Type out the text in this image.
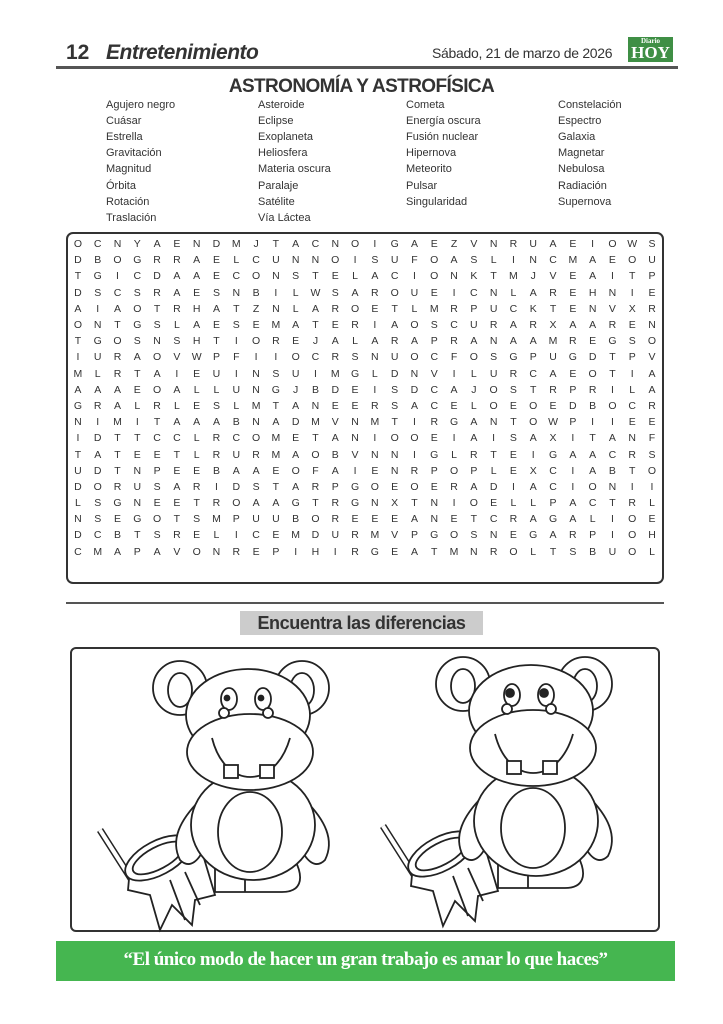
12 Entretenimiento	Sábado, 21 de marzo de 2026
Diario
HOY
ASTRONOMÍA Y ASTROFÍSICA
Agujero negro
Cuásar
Estrella
Gravitación
Magnitud
Órbita
Rotación
Traslación
Asteroide
Eclipse
Exoplaneta
Heliosfera
Materia oscura
Paralaje
Satélite
Vía Láctea
Cometa
Energía oscura
Fusión nuclear
Hipernova
Meteorito
Pulsar
Singularidad
Constelación
Espectro
Galaxia
Magnetar
Nebulosa
Radiación
Supernova
O	C	N	Y	A	E	N	D	M	J	T	A	C	N	O	I	G	A	E	Z	V	N	R	U	A	E	I	O	W	S
D	B	O	G	R	R	A	E	L	C	U	N	N	O	I	S	U	F	O	A	S	L	I	N	C	M	A	E	O	U
T	G	I	C	D	A	A	E	C	O	N	S	T	E	L	A	C	I	O	N	K	T	M	J	V	E	A	I	T	P
D	S	C	S	R	A	E	S	N	B	I	L	W	S	A	R	O	U	E	I	C	N	L	A	R	E	H	N	I	E
A	I	A	O	T	R	H	A	T	Z	N	L	A	R	O	E	T	L	M	R	P	U	C	K	T	E	N	V	X	R
O	N	T	G	S	L	A	E	S	E	M	A	T	E	R	I	A	O	S	C	U	R	A	R	X	A	A	R	E	N
T	G	O	S	N	S	H	T	I	O	R	E	J	A	L	A	R	A	P	R	A	N	A	A	M	R	E	G	S	O
I	U	R	A	O	V	W	P	F	I	I	O	C	R	S	N	U	O	C	F	O	S	G	P	U	G	D	T	P	V
M	L	R	T	A	I	E	U	I	N	S	U	I	M	G	L	D	N	V	I	L	U	R	C	A	E	O	T	I	A
A	A	A	E	O	A	L	L	U	N	G	J	B	D	E	I	S	D	C	A	J	O	S	T	R	P	R	I	L	A
G	R	A	L	R	L	E	S	L	M	T	A	N	E	E	R	S	A	C	E	L	O	E	O	E	D	B	O	C	R
N	I	M	I	T	A	A	A	B	N	A	D	M	V	N	M	T	I	R	G	A	N	T	O	W	P	I	I	E	E
I	D	T	T	C	C	L	R	C	O	M	E	T	A	N	I	O	O	E	I	A	I	S	A	X	I	T	A	N	F
T	A	T	E	E	T	L	R	U	R	M	A	O	B	V	N	N	I	G	L	R	T	E	I	G	A	A	C	R	S
U	D	T	N	P	E	E	B	A	A	E	O	F	A	I	E	N	R	P	O	P	L	E	X	C	I	A	B	T	O
D	O	R	U	S	A	R	I	D	S	T	A	R	P	G	O	E	O	E	R	A	D	I	A	C	I	O	N	I	I
L	S	G	N	E	E	T	R	O	A	A	G	T	R	G	N	X	T	N	I	O	E	L	L	P	A	C	T	R	L
N	S	E	G	O	T	S	M	P	U	U	B	O	R	E	E	E	A	N	E	T	C	R	A	G	A	L	I	O	E
D	C	B	T	S	R	E	L	I	C	E	M	D	U	R	M	V	P	G	O	S	N	E	G	A	R	P	I	O	H
C	M	A	P	A	V	O	N	R	E	P	I	H	I	R	G	E	A	T	M	N	R	O	L	T	S	B	U	O	L
Encuentra las diferencias
“El único modo de hacer un gran trabajo es amar lo que haces”
